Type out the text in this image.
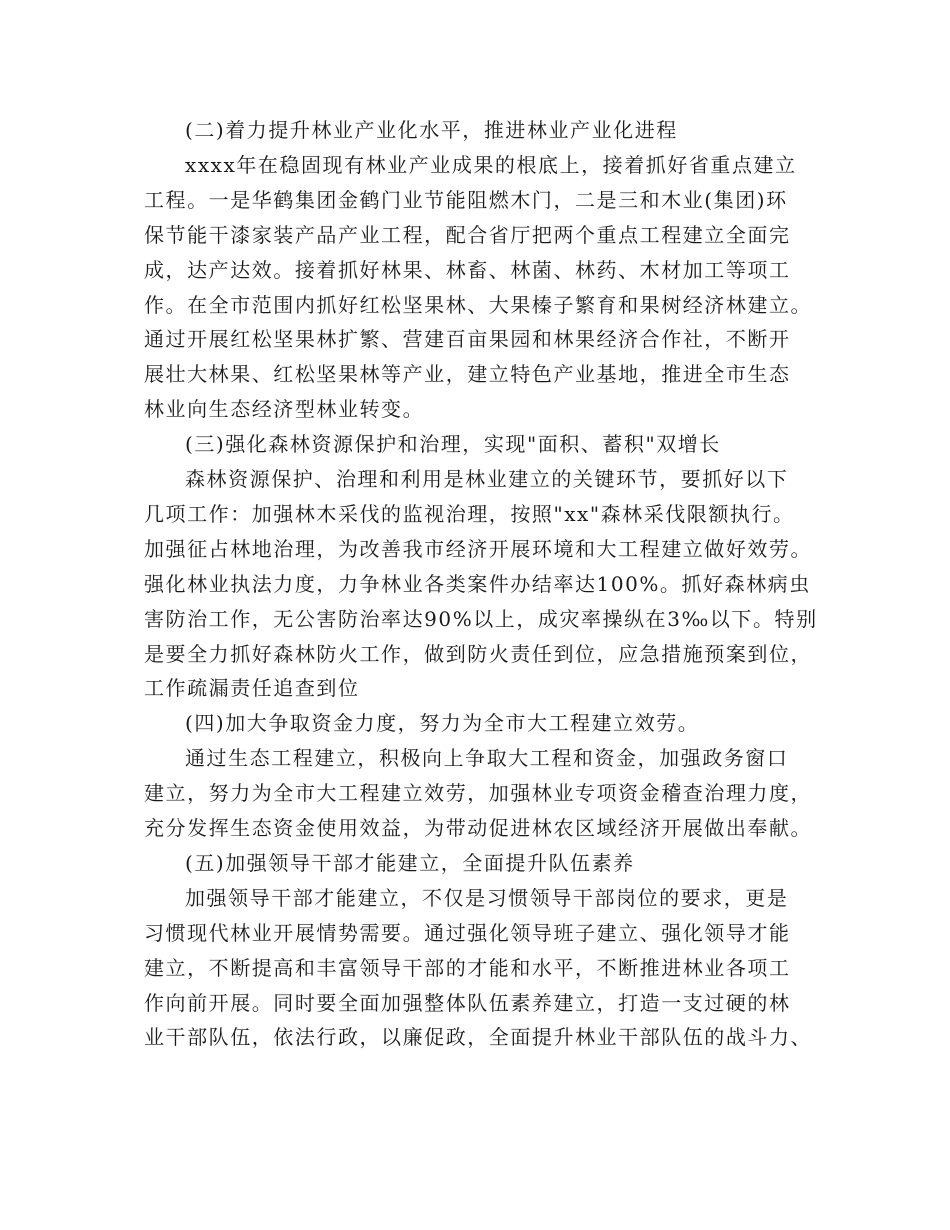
(二)着力提升林业产业化水平，推进林业产业化进程
xxxx年在稳固现有林业产业成果的根底上，接着抓好省重点建立
工程。一是华鹤集团金鹤门业节能阻燃木门，二是三和木业(集团)环
保节能干漆家装产品产业工程，配合省厅把两个重点工程建立全面完
成，达产达效。接着抓好林果、林畜、林菌、林药、木材加工等项工
作。在全市范围内抓好红松坚果林、大果榛子繁育和果树经济林建立。
通过开展红松坚果林扩繁、营建百亩果园和林果经济合作社，不断开
展壮大林果、红松坚果林等产业，建立特色产业基地，推进全市生态
林业向生态经济型林业转变。
(三)强化森林资源保护和治理，实现"面积、蓄积"双增长
森林资源保护、治理和利用是林业建立的关键环节，要抓好以下
几项工作：加强林木采伐的监视治理，按照"xx"森林采伐限额执行。
加强征占林地治理，为改善我市经济开展环境和大工程建立做好效劳。
强化林业执法力度，力争林业各类案件办结率达100%。抓好森林病虫
害防治工作，无公害防治率达90%以上，成灾率操纵在3‰以下。特别
是要全力抓好森林防火工作，做到防火责任到位，应急措施预案到位，
工作疏漏责任追查到位
(四)加大争取资金力度，努力为全市大工程建立效劳。
通过生态工程建立，积极向上争取大工程和资金，加强政务窗口
建立，努力为全市大工程建立效劳，加强林业专项资金稽查治理力度，
充分发挥生态资金使用效益，为带动促进林农区域经济开展做出奉献。
(五)加强领导干部才能建立，全面提升队伍素养
加强领导干部才能建立，不仅是习惯领导干部岗位的要求，更是
习惯现代林业开展情势需要。通过强化领导班子建立、强化领导才能
建立，不断提高和丰富领导干部的才能和水平，不断推进林业各项工
作向前开展。同时要全面加强整体队伍素养建立，打造一支过硬的林
业干部队伍，依法行政，以廉促政，全面提升林业干部队伍的战斗力、
